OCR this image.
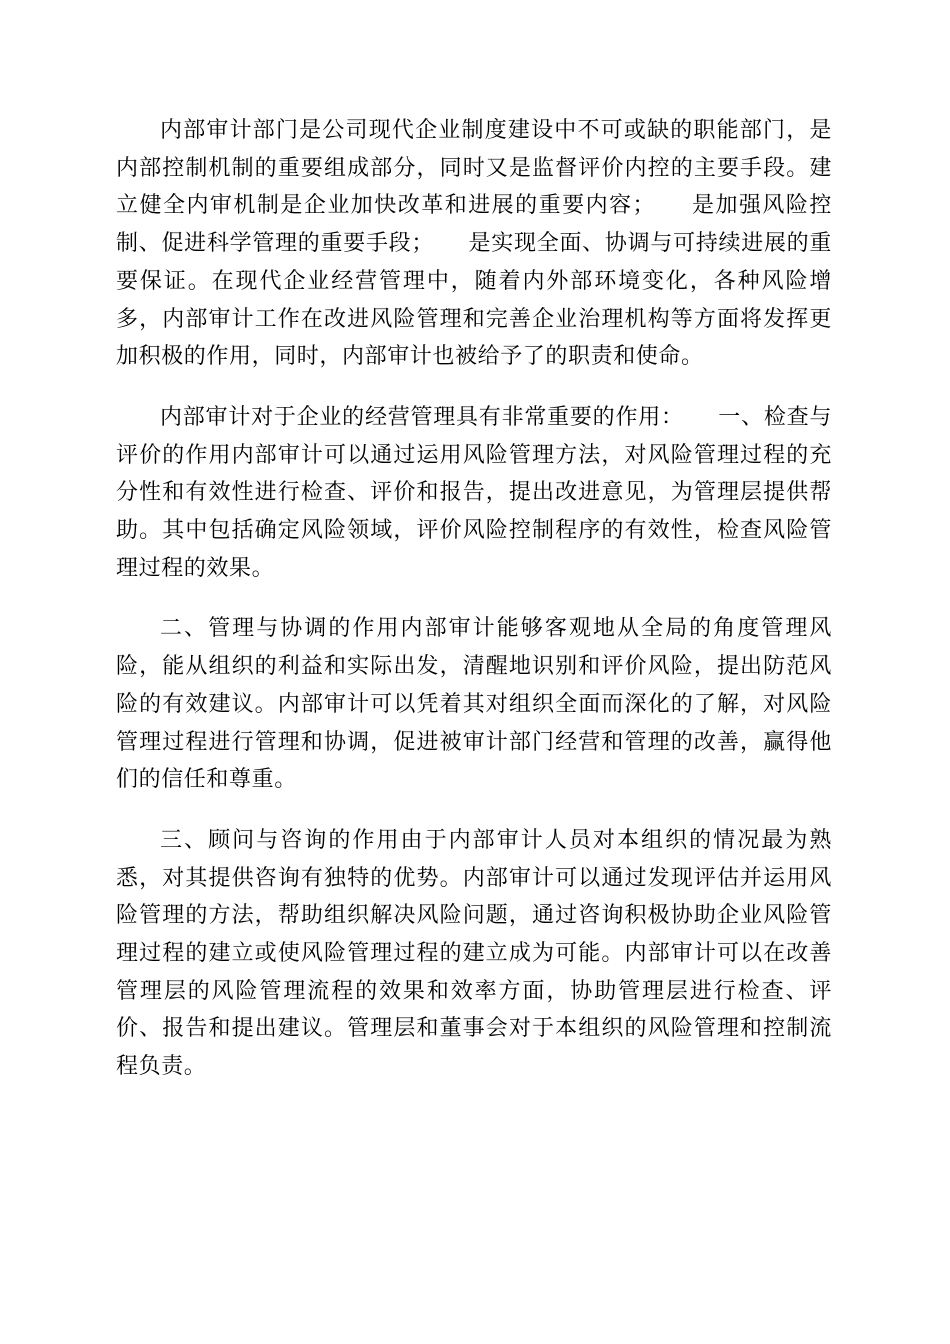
内部审计部门是公司现代企业制度建设中不可或缺的职能部门，是内部控制机制的重要组成部分，同时又是监督评价内控的主要手段。建立健全内审机制是企业加快改革和进展的重要内容；　　是加强风险控制、促进科学管理的重要手段；　　是实现全面、协调与可持续进展的重要保证。在现代企业经营管理中，随着内外部环境变化，各种风险增多，内部审计工作在改进风险管理和完善企业治理机构等方面将发挥更加积极的作用，同时，内部审计也被给予了的职责和使命。

内部审计对于企业的经营管理具有非常重要的作用：　　一、检查与评价的作用内部审计可以通过运用风险管理方法，对风险管理过程的充分性和有效性进行检查、评价和报告，提出改进意见，为管理层提供帮助。其中包括确定风险领域，评价风险控制程序的有效性，检查风险管理过程的效果。

二、管理与协调的作用内部审计能够客观地从全局的角度管理风险，能从组织的利益和实际出发，清醒地识别和评价风险，提出防范风险的有效建议。内部审计可以凭着其对组织全面而深化的了解，对风险管理过程进行管理和协调，促进被审计部门经营和管理的改善，赢得他们的信任和尊重。

三、顾问与咨询的作用由于内部审计人员对本组织的情况最为熟悉，对其提供咨询有独特的优势。内部审计可以通过发现评估并运用风险管理的方法，帮助组织解决风险问题，通过咨询积极协助企业风险管理过程的建立或使风险管理过程的建立成为可能。内部审计可以在改善管理层的风险管理流程的效果和效率方面，协助管理层进行检查、评价、报告和提出建议。管理层和董事会对于本组织的风险管理和控制流程负责。
